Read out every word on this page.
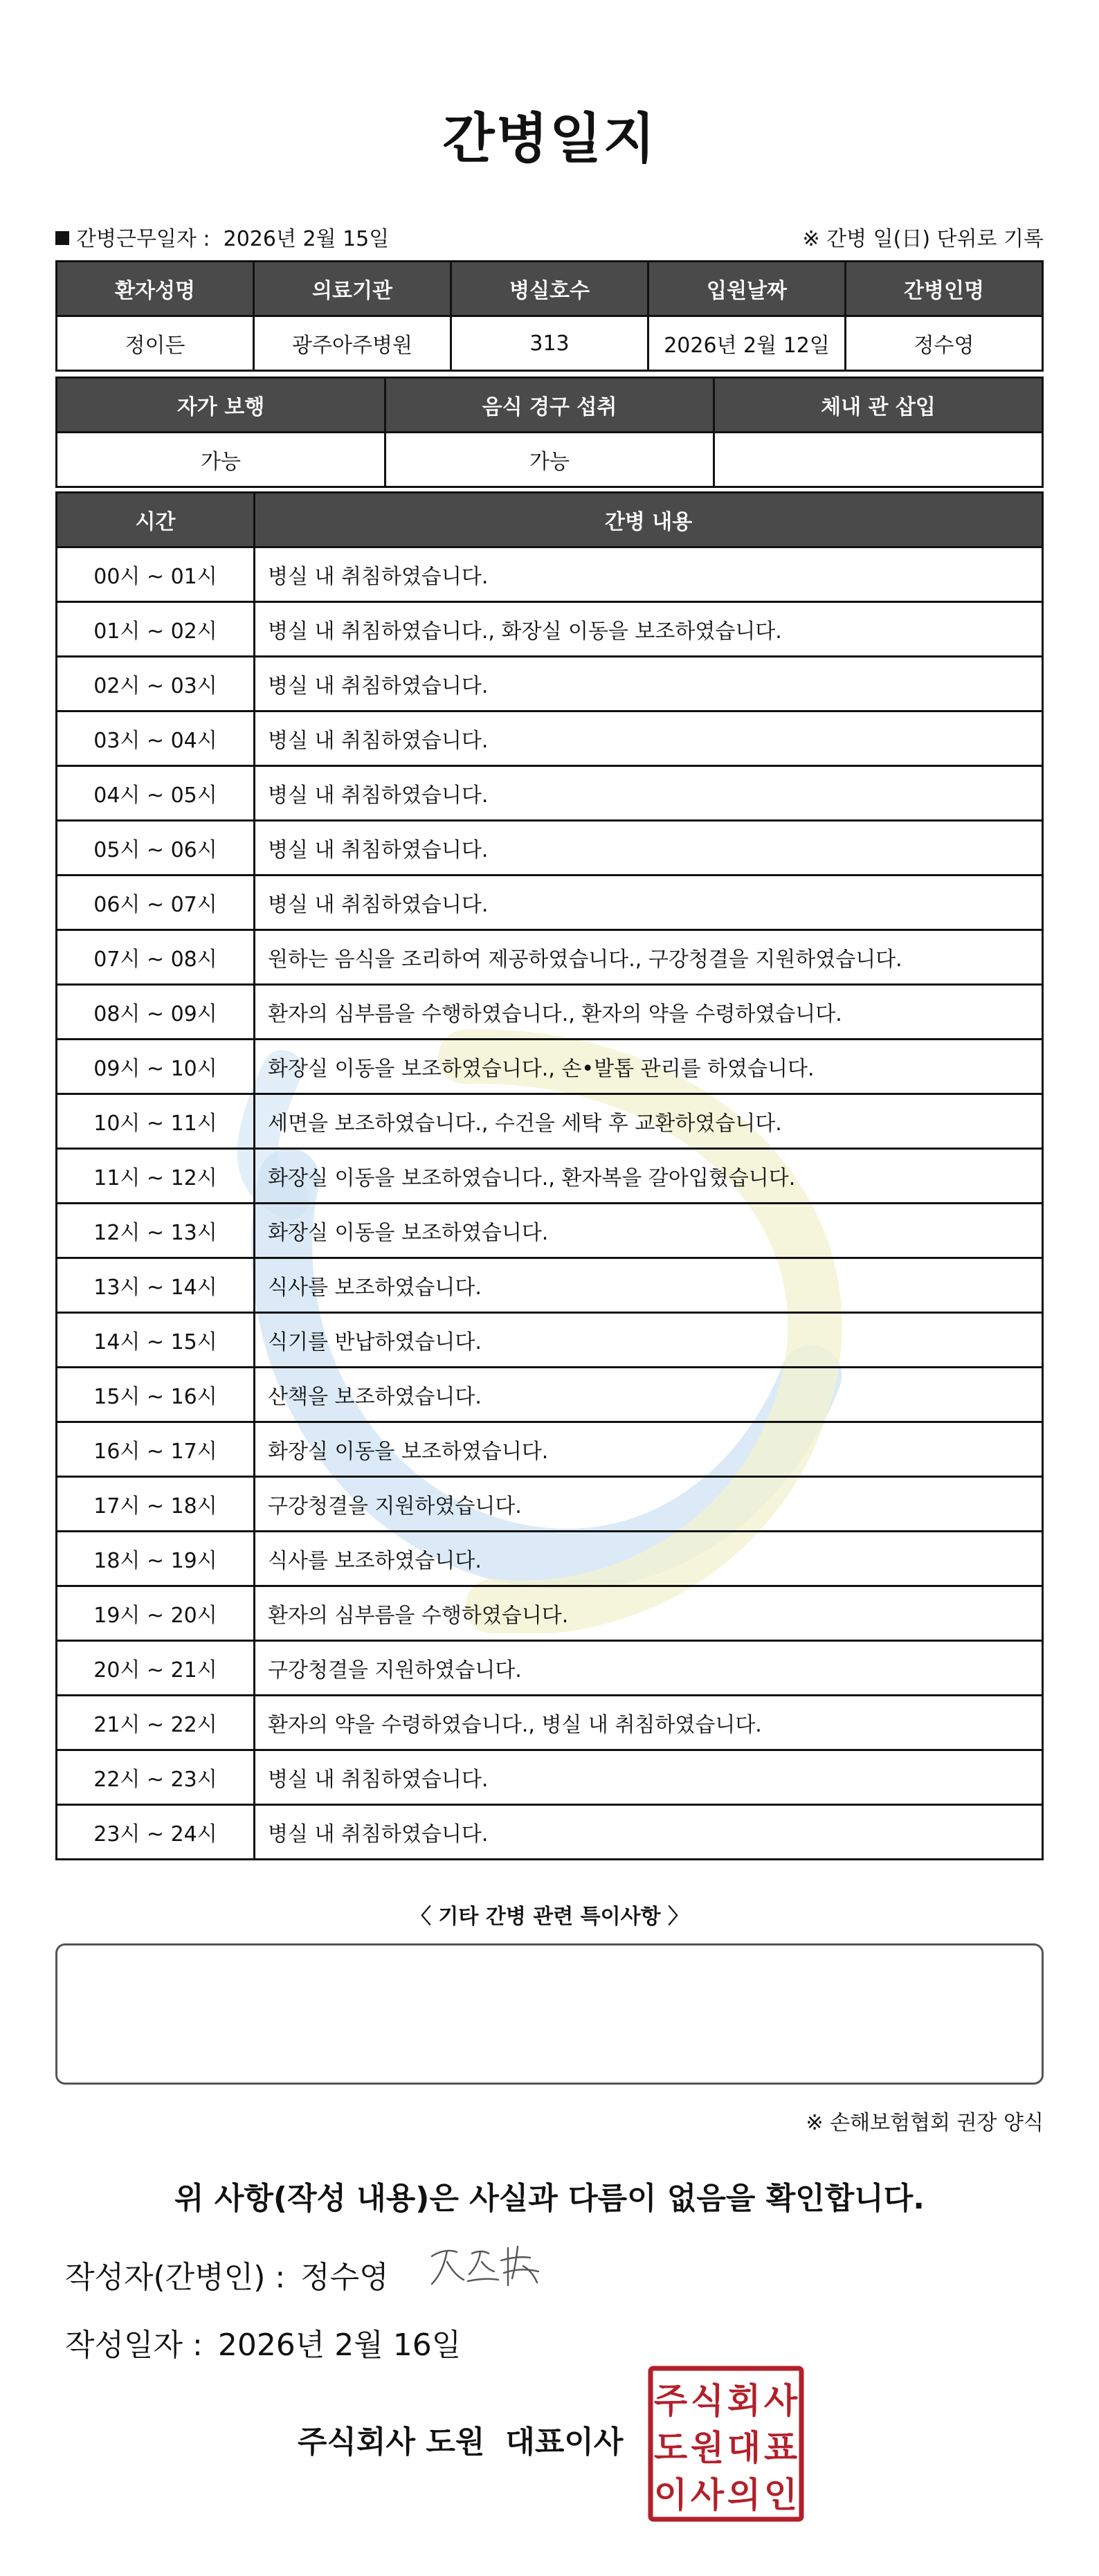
간병일지
간병근무일자 : 2026년 2월 15일	※ 간병 일(日) 단위로 기록
환자성명	의료기관	병실호수	입원날짜	간병인명
정이든	광주아주병원	313	2026년 2월 12일	정수영
자가 보행	음식 경구 섭취	체내 관 삽입
가능	가능	
시간	간병 내용
00시 ~ 01시	병실 내 취침하였습니다.
01시 ~ 02시	병실 내 취침하였습니다., 화장실 이동을 보조하였습니다.
02시 ~ 03시	병실 내 취침하였습니다.
03시 ~ 04시	병실 내 취침하였습니다.
04시 ~ 05시	병실 내 취침하였습니다.
05시 ~ 06시	병실 내 취침하였습니다.
06시 ~ 07시	병실 내 취침하였습니다.
07시 ~ 08시	원하는 음식을 조리하여 제공하였습니다., 구강청결을 지원하였습니다.
08시 ~ 09시	환자의 심부름을 수행하였습니다., 환자의 약을 수령하였습니다.
09시 ~ 10시	화장실 이동을 보조하였습니다., 손•발톱 관리를 하였습니다.
10시 ~ 11시	세면을 보조하였습니다., 수건을 세탁 후 교환하였습니다.
11시 ~ 12시	화장실 이동을 보조하였습니다., 환자복을 갈아입혔습니다.
12시 ~ 13시	화장실 이동을 보조하였습니다.
13시 ~ 14시	식사를 보조하였습니다.
14시 ~ 15시	식기를 반납하였습니다.
15시 ~ 16시	산책을 보조하였습니다.
16시 ~ 17시	화장실 이동을 보조하였습니다.
17시 ~ 18시	구강청결을 지원하였습니다.
18시 ~ 19시	식사를 보조하였습니다.
19시 ~ 20시	환자의 심부름을 수행하였습니다.
20시 ~ 21시	구강청결을 지원하였습니다.
21시 ~ 22시	환자의 약을 수령하였습니다., 병실 내 취침하였습니다.
22시 ~ 23시	병실 내 취침하였습니다.
23시 ~ 24시	병실 내 취침하였습니다.
〈 기타 간병 관련 특이사항 〉
※ 손해보험협회 권장 양식
위 사항(작성 내용)은 사실과 다름이 없음을 확인합니다.
작성자(간병인) : 정수영
작성일자 : 2026년 2월 16일
주식회사 도원 대표이사
주 식 회 사
도 원 대 표
이 사 의 인
